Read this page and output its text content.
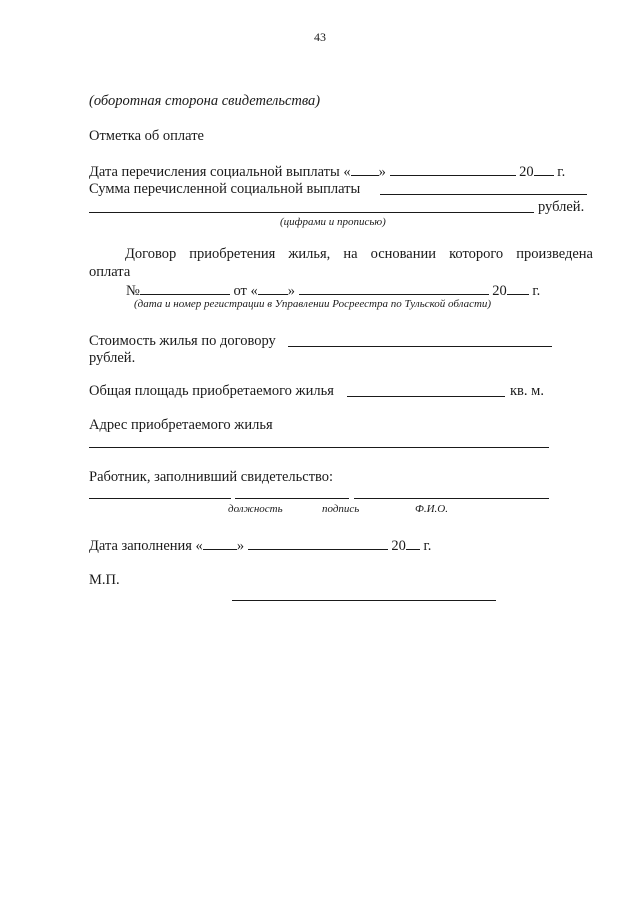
43
(оборотная сторона свидетельства)
Отметка об оплате
Дата перечисления социальной выплаты « »	20 г.
Сумма перечисленной социальной выплаты
рублей.
(цифрами и прописью)
Договор приобретения жилья, на основании которого произведена
оплата
№	от « »	20 г.
(дата и номер регистрации в Управлении Росреестра по Тульской области)
Стоимость жилья по договору
рублей.
Общая площадь приобретаемого жилья	кв. м.
Адрес приобретаемого жилья
Работник, заполнивший свидетельство:
должность	подпись	Ф.И.О.
Дата заполнения « »	20 г.
М.П.
